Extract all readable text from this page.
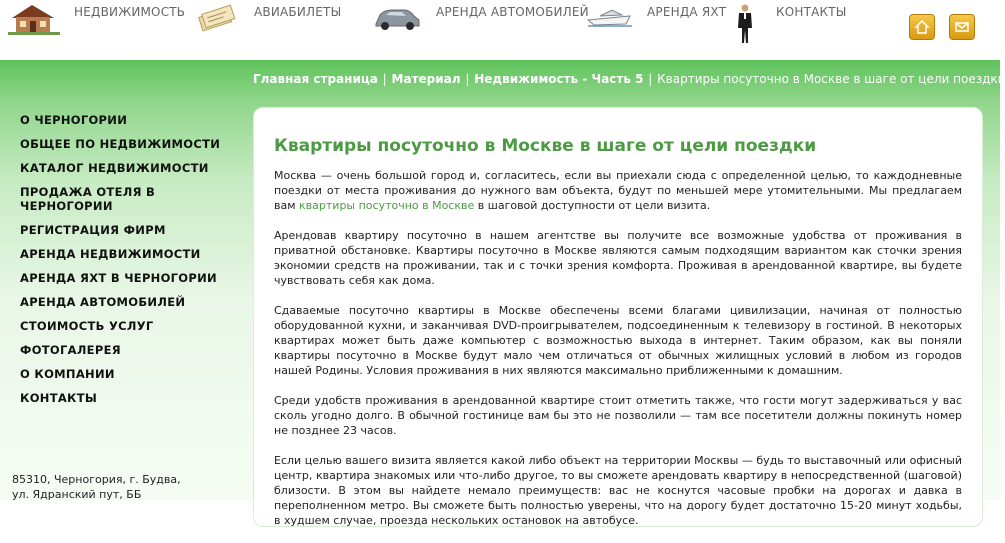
НЕДВИЖИМОСТЬ	АВИАБИЛЕТЫ	АРЕНДА АВТОМОБИЛЕЙ	АРЕНДА ЯХТ	КОНТАКТЫ
Главная страница | Материал | Недвижимость - Часть 5 | Квартиры посуточно в Москве в шаге от цели поездки
О ЧЕРНОГОРИИ
ОБЩЕЕ ПО НЕДВИЖИМОСТИ
КАТАЛОГ НЕДВИЖИМОСТИ
ПРОДАЖА ОТЕЛЯ В ЧЕРНОГОРИИ
РЕГИСТРАЦИЯ ФИРМ
АРЕНДА НЕДВИЖИМОСТИ
АРЕНДА ЯХТ В ЧЕРНОГОРИИ
АРЕНДА АВТОМОБИЛЕЙ
СТОИМОСТЬ УСЛУГ
ФОТОГАЛЕРЕЯ
О КОМПАНИИ
КОНТАКТЫ
85310, Черногория, г. Будва,
ул. Ядранский пут, ББ
Квартиры посуточно в Москве в шаге от цели поездки

Москва — очень большой город и, согласитесь, если вы приехали сюда с определенной целью, то каждодневные поездки от места проживания до нужного вам объекта, будут по меньшей мере утомительными. Мы предлагаем вам квартиры посуточно в Москве в шаговой доступности от цели визита.

Арендовав квартиру посуточно в нашем агентстве вы получите все возможные удобства от проживания в приватной обстановке. Квартиры посуточно в Москве являются самым подходящим вариантом как сточки зрения экономии средств на проживании, так и с точки зрения комфорта. Проживая в арендованной квартире, вы будете чувствовать себя как дома.

Сдаваемые посуточно квартиры в Москве обеспечены всеми благами цивилизации, начиная от полностью оборудованной кухни, и заканчивая DVD-проигрывателем, подсоединенным к телевизору в гостиной. В некоторых квартирах может быть даже компьютер с возможностью выхода в интернет. Таким образом, как вы поняли квартиры посуточно в Москве будут мало чем отличаться от обычных жилищных условий в любом из городов нашей Родины. Условия проживания в них являются максимально приближенными к домашним.

Среди удобств проживания в арендованной квартире стоит отметить также, что гости могут задерживаться у вас сколь угодно долго. В обычной гостинице вам бы это не позволили — там все посетители должны покинуть номер не позднее 23 часов.

Если целью вашего визита является какой либо объект на территории Москвы — будь то выставочный или офисный центр, квартира знакомых или что-либо другое, то вы сможете арендовать квартиру в непосредственной (шаговой) близости. В этом вы найдете немало преимуществ: вас не коснутся часовые пробки на дорогах и давка в переполненном метро. Вы сможете быть полностью уверены, что на дорогу будет достаточно 15-20 минут ходьбы, в худшем случае, проезда нескольких остановок на автобусе.
